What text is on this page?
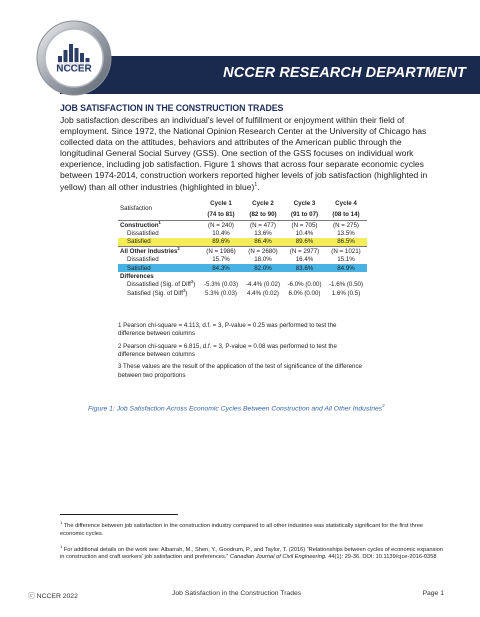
NCCER RESEARCH DEPARTMENT
NCCER
JOB SATISFACTION IN THE CONSTRUCTION TRADES
Job satisfaction describes an individual’s level of fulfillment or enjoyment within their field of employment. Since 1972, the National Opinion Research Center at the University of Chicago has collected data on the attitudes, behaviors and attributes of the American public through the longitudinal General Social Survey (GSS). One section of the GSS focuses on individual work experience, including job satisfaction. Figure 1 shows that across four separate economic cycles between 1974-2014, construction workers reported higher levels of job satisfaction (highlighted in yellow) than all other industries (highlighted in blue)$^1$.
Satisfaction	Cycle 1	Cycle 2	Cycle 3	Cycle 4
	(74 to 81)	(82 to 90)	(91 to 07)	(08 to 14)
Construction$^1$	(N = 240)	(N = 477)	(N = 705)	(N = 275)
Dissatisfied	10.4%	13.6%	10.4%	13.5%
Satisfied	89.6%	86.4%	89.6%	86.5%
All Other Industries$^2$	(N = 1986)	(N = 2680)	(N = 2977)	(N = 1021)
Dissatisfied	15.7%	18.0%	16.4%	15.1%
Satisfied	84.3%	82.0%	83.6%	84.9%
Differences				
Dissatisfied (Sig. of Diff$^3$)	-5.3% (0.03)	-4.4% (0.02)	-6.0% (0.00)	-1.6% (0.50)
Satisfied (Sig. of Diff$^3$)	5.3% (0.03)	4.4% (0.02)	6.0% (0.00)	1.6% (0.5)

1 Pearson chi-square = 4.113, d.f. = 3, P-value = 0.25 was performed to test the difference between columns

2 Pearson chi-square = 6.815, d.f. = 3, P-value = 0.08 was performed to test the difference between columns

3 These values are the result of the application of the test of significance of the difference between two proportions

Figure 1: Job Satisfaction Across Economic Cycles Between Construction and All Other Industries$^2$

$^1$ The difference between job satisfaction in the construction industry compared to all other industries was statistically significant for the first three economic cycles.

$^1$ For additional details on the work see: Albarrah, M., Shen, Y., Goodrum, P., and Taylor, T. (2016) “Relationships between cycles of economic expansion in construction and craft workers’ job satisfaction and preferences.” Canadian Journal of Civil Engineering. 44(1): 29-36. DOI: 10.1139/cjce-2016-0358

ⓒ NCCER 2022	Job Satisfaction in the Construction Trades	Page 1
